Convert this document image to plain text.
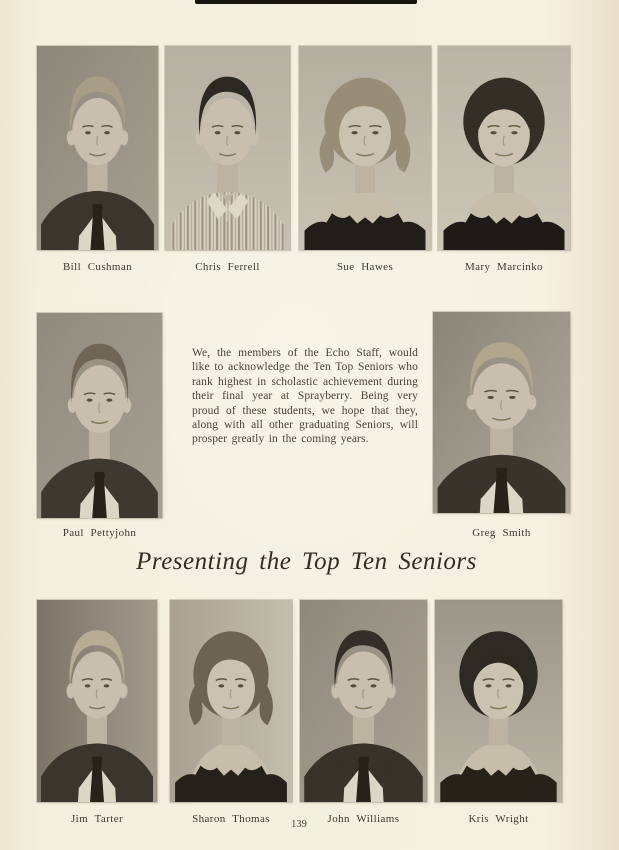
Bill Cushman	Chris Ferrell	Sue Hawes	Mary Marcinko
We, the members of the Echo Staff, would like to acknowledge the Ten Top Seniors who rank highest in scholastic achievement during their final year at Sprayberry. Being very proud of these students, we hope that they, along with all other graduating Seniors, will prosper greatly in the coming years.
Paul Pettyjohn	Greg Smith
Presenting the Top Ten Seniors
Jim Tarter	Sharon Thomas	John Williams	Kris Wright
139
